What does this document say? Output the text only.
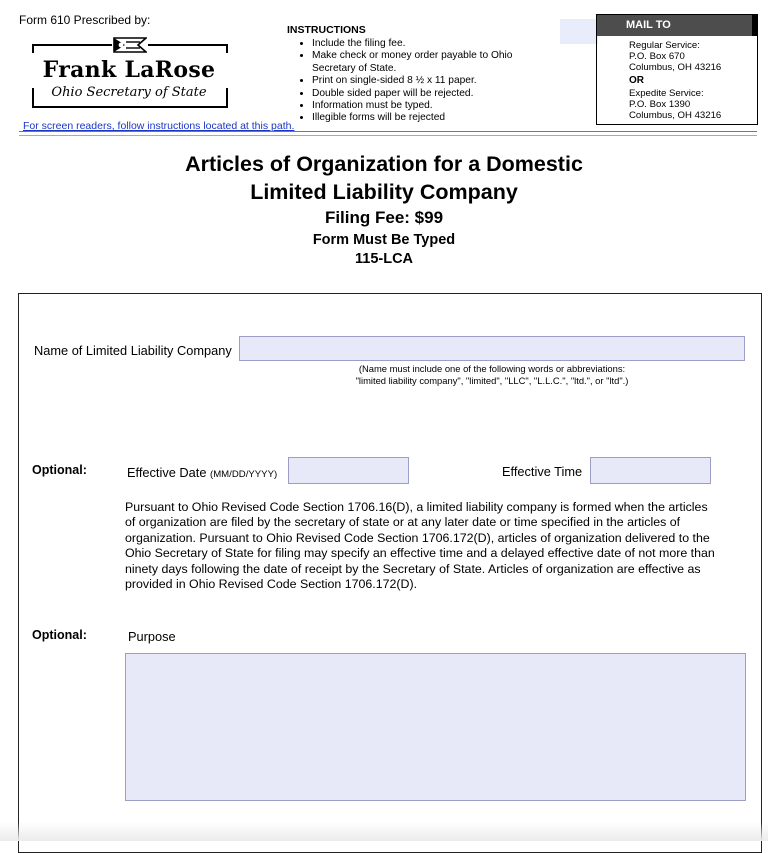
Form 610 Prescribed by:
Frank LaRose
Ohio Secretary of State
For screen readers, follow instructions located at this path.
INSTRUCTIONS
• Include the filing fee.
• Make check or money order payable to Ohio Secretary of State.
• Print on single-sided 8 ½ x 11 paper.
• Double sided paper will be rejected.
• Information must be typed.
• Illegible forms will be rejected
MAIL TO
Regular Service:
P.O. Box 670
Columbus, OH 43216
OR
Expedite Service:
P.O. Box 1390
Columbus, OH 43216
Articles of Organization for a Domestic
Limited Liability Company
Filing Fee: $99
Form Must Be Typed
115-LCA
Name of Limited Liability Company
(Name must include one of the following words or abbreviations:
"limited liability company", "limited", "LLC", "L.L.C.", "ltd.", or "ltd".)
Optional:	Effective Date (MM/DD/YYYY)	Effective Time

Pursuant to Ohio Revised Code Section 1706.16(D), a limited liability company is formed when the articles of organization are filed by the secretary of state or at any later date or time specified in the articles of organization. Pursuant to Ohio Revised Code Section 1706.172(D), articles of organization delivered to the Ohio Secretary of State for filing may specify an effective time and a delayed effective date of not more than ninety days following the date of receipt by the Secretary of State. Articles of organization are effective as provided in Ohio Revised Code Section 1706.172(D).

Optional:	Purpose
